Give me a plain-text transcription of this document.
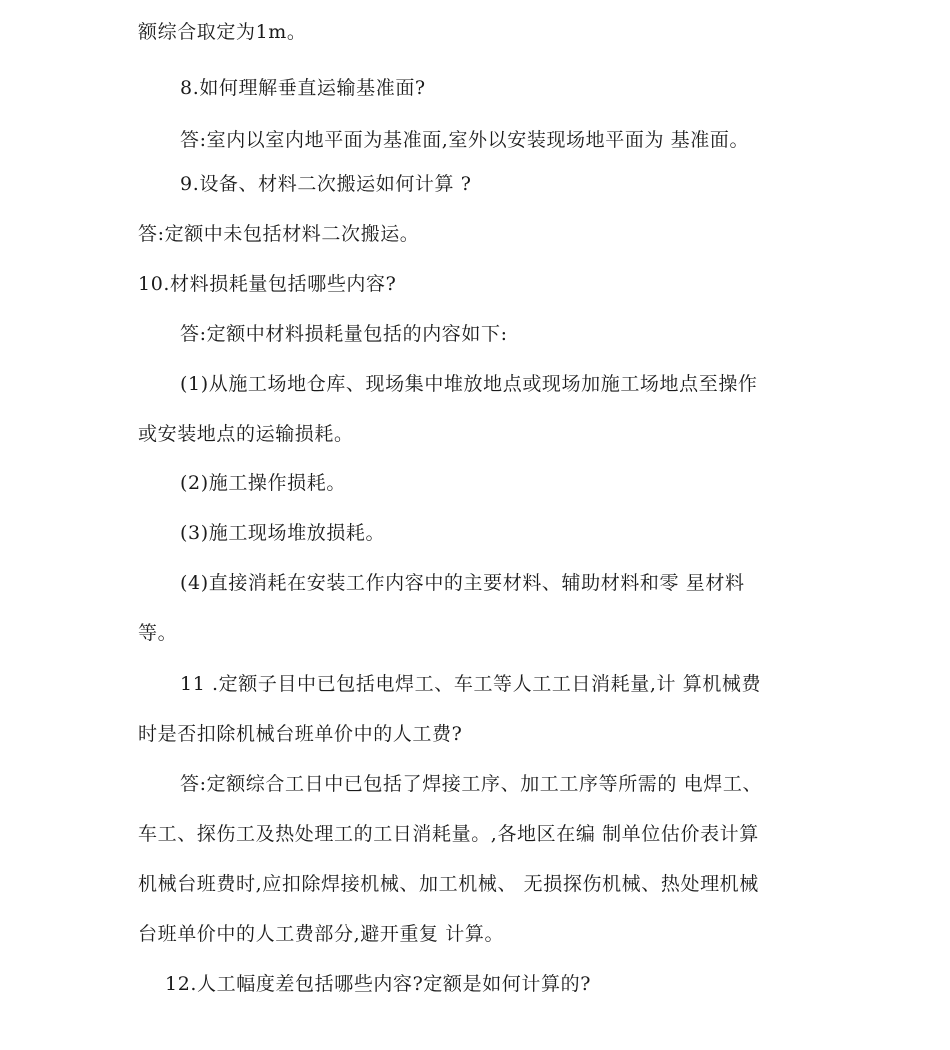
额综合取定为1m。
8.如何理解垂直运输基准面?
答:室内以室内地平面为基准面,室外以安装现场地平面为 基准面。
9.设备、材料二次搬运如何计算 ?
答:定额中未包括材料二次搬运。
10.材料损耗量包括哪些内容?
答:定额中材料损耗量包括的内容如下:
(1)从施工场地仓库、现场集中堆放地点或现场加施工场地点至操作
或安装地点的运输损耗。
(2)施工操作损耗。
(3)施工现场堆放损耗。
(4)直接消耗在安装工作内容中的主要材料、辅助材料和零 星材料
等。
11 .定额子目中已包括电焊工、车工等人工工日消耗量,计 算机械费
时是否扣除机械台班单价中的人工费?
答:定额综合工日中已包括了焊接工序、加工工序等所需的 电焊工、
车工、探伤工及热处理工的工日消耗量。,各地区在编 制单位估价表计算
机械台班费时,应扣除焊接机械、加工机械、 无损探伤机械、热处理机械
台班单价中的人工费部分,避开重复 计算。
12.人工幅度差包括哪些内容?定额是如何计算的?
